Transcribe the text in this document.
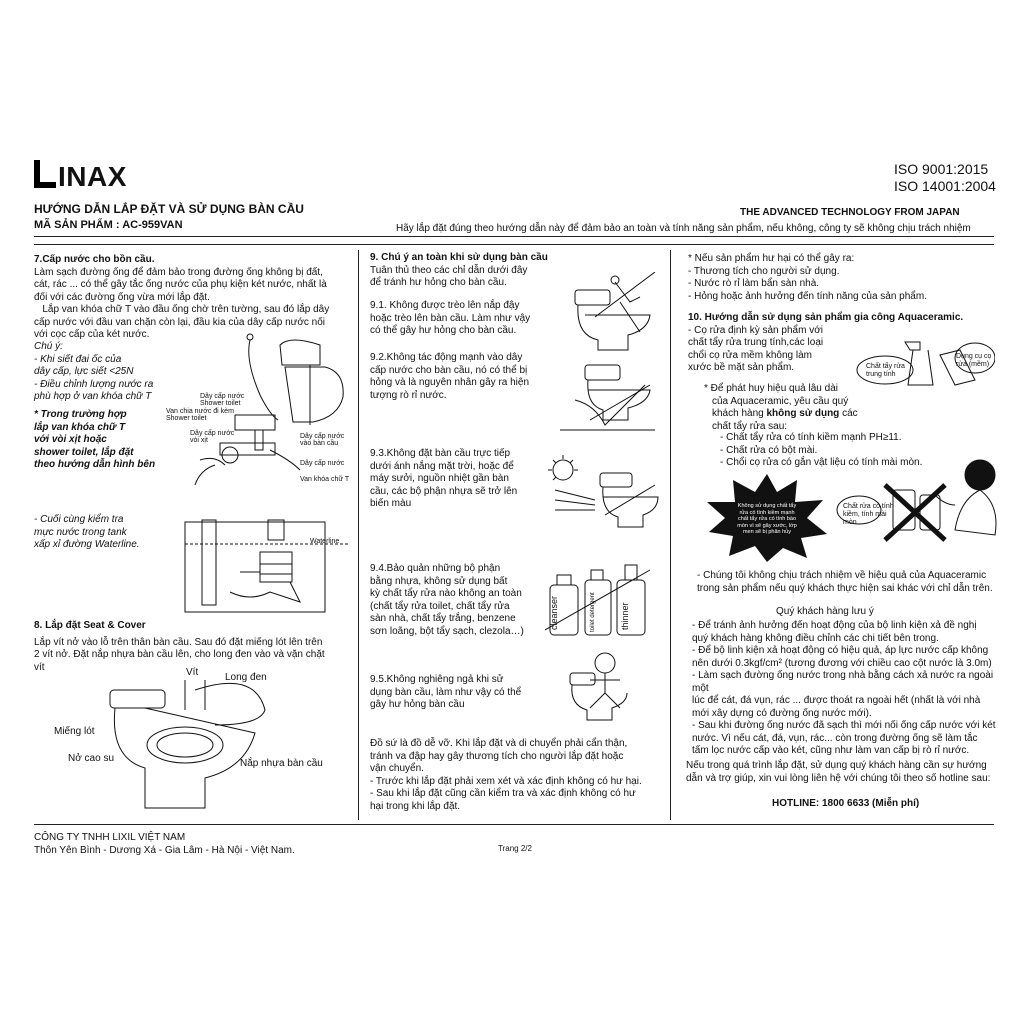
INAX	ISO 9001:2015
ISO 14001:2004
HƯỚNG DẪN LẮP ĐẶT VÀ SỬ DỤNG BÀN CẦU
MÃ SẢN PHẨM : AC-959VAN
THE ADVANCED TECHNOLOGY FROM JAPAN
Hãy lắp đặt đúng theo hướng dẫn này để đảm bảo an toàn và tính năng sản phẩm, nếu không, công ty sẽ không chịu trách nhiệm

7.Cấp nước cho bồn cầu.

Làm sạch đường ống để đảm bảo trong đường ống không bị đất,

cát, rác ... có thể gây tắc ống nước của phụ kiện két nước, nhất là

đối với các đường ống vừa mới lắp đặt.

Lắp van khóa chữ T vào đầu ống chờ trên tường, sau đó lắp dây

cấp nước với đầu van chặn còn lại, đầu kia của dây cấp nước nối

với cọc cấp của két nước.

Chú ý:

- Khi siết đai ốc của

dây cấp, lực siết <25N

- Điều chỉnh lượng nước ra

phù hợp ở van khóa chữ T

* Trong trường hợp

lắp van khóa chữ T

với vòi xịt hoặc

shower toilet, lắp đặt

theo hướng dẫn hình bên

- Cuối cùng kiểm tra

mực nước trong tank

xấp xỉ đường Waterline.

Dây cấp nước
Shower toilet
Van chia nước đi kèm
Shower toilet
Dây cấp nước
vòi xịt
Dây cấp nước
vào bàn cầu
Dây cấp nước
Van khóa chữ T
Waterline

8. Lắp đặt Seat & Cover

Lắp vít nở vào lỗ trên thân bàn cầu. Sau đó đặt miếng lót lên trên

2 vít nở. Đặt nắp nhựa bàn cầu lên, cho long đen vào và vặn chặt

vít	Vít	Long đen
Miếng lót
Nở cao su	Nắp nhựa bàn cầu

9. Chú ý an toàn khi sử dụng bàn cầu

Tuân thủ theo các chỉ dẫn dưới đây

để tránh hư hỏng cho bàn cầu.

9.1. Không được trèo lên nắp đậy

hoặc trèo lên bàn cầu. Làm như vậy

có thể gây hư hỏng cho bàn cầu.

9.2.Không tác động mạnh vào dây

cấp nước cho bàn cầu, nó có thể bị

hỏng và là nguyên nhân gây ra hiện

tượng rò rỉ nước.

9.3.Không đặt bàn cầu trực tiếp

dưới ánh nắng mặt trời, hoặc để

máy sưởi, nguồn nhiệt gần bàn

cầu, các bộ phận nhựa sẽ trở lên

biến màu

9.4.Bảo quản những bộ phận

bằng nhựa, không sử dụng bất

kỳ chất tẩy rửa nào không an toàn

(chất tẩy rửa toilet, chất tẩy rửa

sàn nhà, chất tẩy trắng, benzene

sơn loãng, bột tẩy sạch, clezola…)

9.5.Không nghiêng ngả khi sử

dụng bàn cầu, làm như vậy có thể

gây hư hỏng bàn cầu

Đồ sứ là đồ dễ vỡ. Khi lắp đặt và di chuyển phải cẩn thận,

tránh va đập hay gây thương tích cho người lắp đặt hoặc

vận chuyển.

- Trước khi lắp đặt phải xem xét và xác định không có hư hại.

- Sau khi lắp đặt cũng cần kiểm tra và xác định không có hư

hại trong khi lắp đặt.

cleanser	toilet detergent	thinner

* Nếu sản phẩm hư hại có thể gây ra:

- Thương tích cho người sử dụng.

- Nước rò rỉ làm bẩn sàn nhà.

- Hỏng hoặc ảnh hưởng đến tính năng của sản phẩm.

10. Hướng dẫn sử dụng sản phẩm gia công Aquaceramic.

- Cọ rửa định kỳ sản phẩm với

chất tẩy rửa trung tính,các loại

chổi cọ rửa mềm không làm

xước bề mặt sản phẩm.	Chất tẩy rửa
trung tính
Dụng cụ cọ
rửa (mềm)

* Để phát huy hiệu quả lâu dài

của Aquaceramic, yêu cầu quý

khách hàng không sử dụng các

chất tẩy rửa sau:

- Chất tẩy rửa có tính kiềm mạnh PH≥11.

- Chất rửa có bột mài.

- Chổi cọ rửa có gắn vật liệu có tính mài mòn.

Không sử dụng chất tẩy
rửa có tính kiềm mạnh
chất tẩy rửa có tính bào
mòn vì sẽ gây xước, lớp
men sẽ bị phân hủy
Chất rửa có tính
kiềm, tính mài
mòn

- Chúng tôi không chịu trách nhiệm về hiệu quả của Aquaceramic

trong sản phẩm nếu quý khách thực hiện sai khác với chỉ dẫn trên.

Quý khách hàng lưu ý

- Để tránh ảnh hưởng đến hoạt động của bộ linh kiện xả đề nghị

quý khách hàng không điều chỉnh các chi tiết bên trong.

- Để bộ linh kiện xả hoạt động có hiệu quả, áp lực nước cấp không

nên dưới 0.3kgf/cm² (tương đương với chiều cao cột nước là 3.0m)

- Làm sạch đường ống nước trong nhà bằng cách xả nước ra ngoài một

lúc để cát, đá vụn, rác ... được thoát ra ngoài hết (nhất là với nhà

mới xây dựng có đường ống nước mới).

- Sau khi đường ống nước đã sạch thì mới nối ống cấp nước với két

nước. Vì nếu cát, đá, vụn, rác... còn trong đường ống sẽ làm tắc

tấm lọc nước cấp vào két, cũng như làm van cấp bị rò rỉ nước.

Nếu trong quá trình lắp đặt, sử dụng quý khách hàng cần sự hướng

dẫn và trợ giúp, xin vui lòng liên hệ với chúng tôi theo số hotline sau:

HOTLINE: 1800 6633 (Miễn phí)
CÔNG TY TNHH LIXIL VIỆT NAM
Thôn Yên Bình - Dương Xá - Gia Lâm - Hà Nội - Việt Nam.	Trang 2/2
